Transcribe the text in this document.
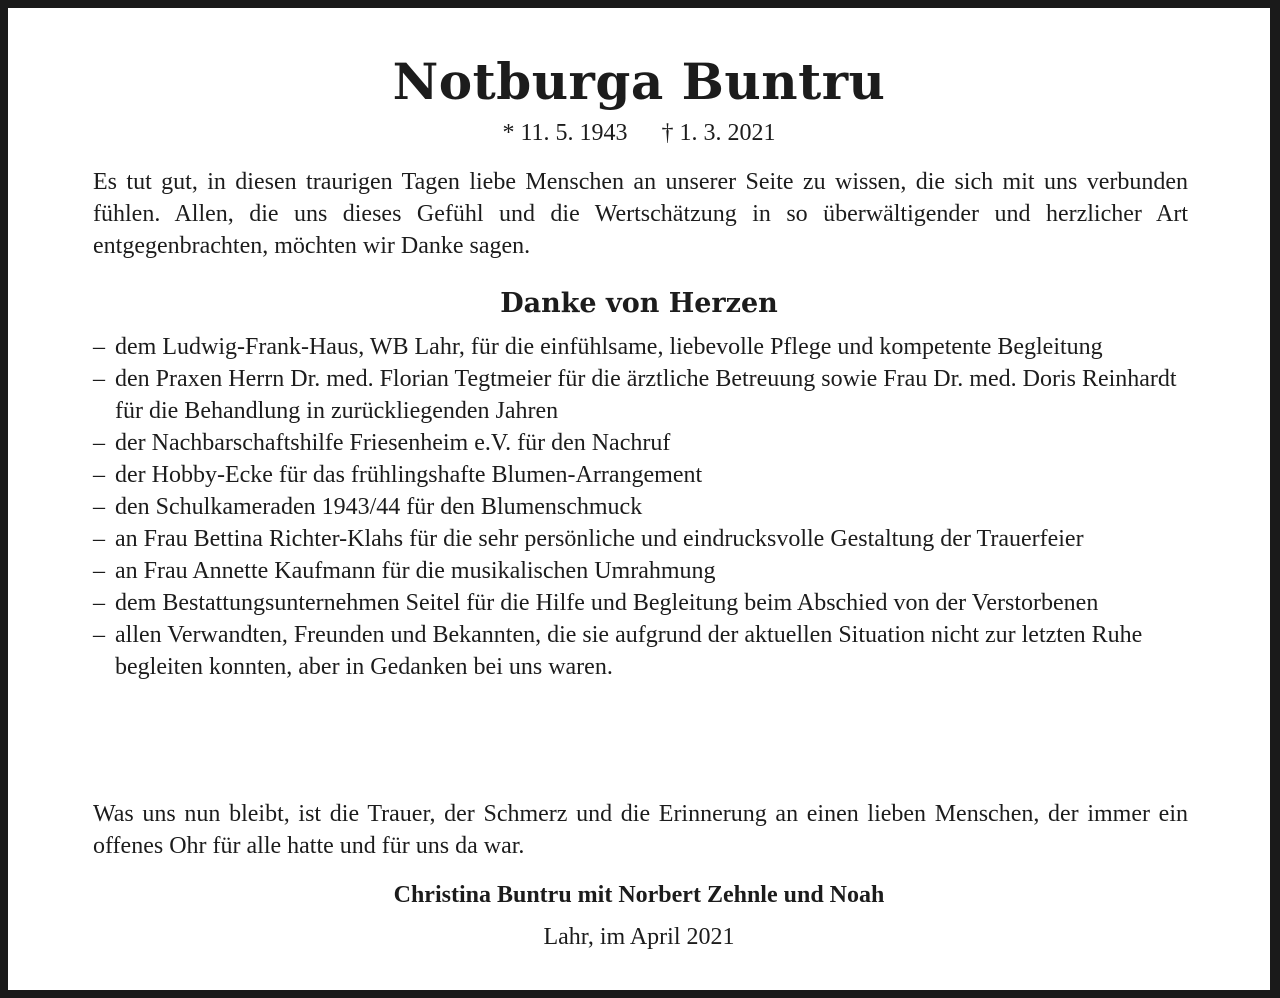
Notburga Buntru
* 11. 5. 1943 † 1. 3. 2021
Es tut gut, in diesen traurigen Tagen liebe Menschen an unserer Seite zu wissen, die sich mit uns verbunden fühlen. Allen, die uns dieses Gefühl und die Wertschätzung in so überwältigender und herzlicher Art entgegenbrachten, möchten wir Danke sagen.
Danke von Herzen
– dem Ludwig-Frank-Haus, WB Lahr, für die einfühlsame, liebevolle Pflege und kompetente Begleitung
– den Praxen Herrn Dr. med. Florian Tegtmeier für die ärztliche Betreuung sowie Frau Dr. med. Doris Reinhardt für die Behandlung in zurückliegenden Jahren
– der Nachbarschaftshilfe Friesenheim e.V. für den Nachruf
– der Hobby-Ecke für das frühlingshafte Blumen-Arrangement
– den Schulkameraden 1943/44 für den Blumenschmuck
– an Frau Bettina Richter-Klahs für die sehr persönliche und eindrucksvolle Gestaltung der Trauerfeier
– an Frau Annette Kaufmann für die musikalischen Umrahmung
– dem Bestattungsunternehmen Seitel für die Hilfe und Begleitung beim Abschied von der Verstorbenen
– allen Verwandten, Freunden und Bekannten, die sie aufgrund der aktuellen Situation nicht zur letzten Ruhe begleiten konnten, aber in Gedanken bei uns waren.
Was uns nun bleibt, ist die Trauer, der Schmerz und die Erinnerung an einen lieben Menschen, der immer ein offenes Ohr für alle hatte und für uns da war.
Christina Buntru mit Norbert Zehnle und Noah
Lahr, im April 2021
